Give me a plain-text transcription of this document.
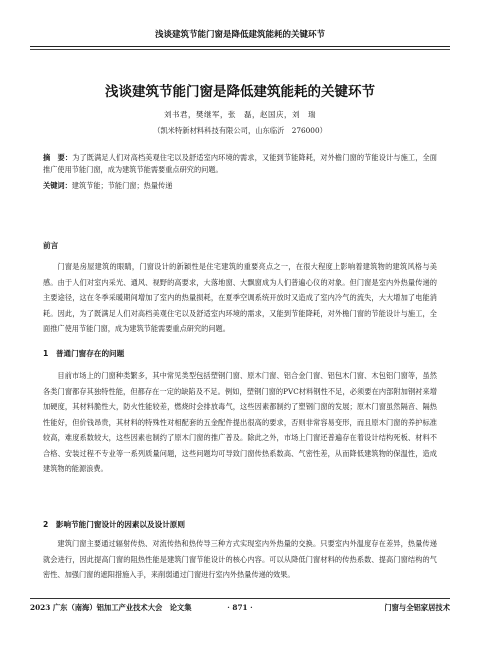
浅谈建筑节能门窗是降低建筑能耗的关键环节
浅谈建筑节能门窗是降低建筑能耗的关键环节
刘书君，樊继军，张　磊，赵国庆，刘　瑞
（凯米特新材料科技有限公司，山东临沂　276000）
摘　要：为了既满足人们对高档美观住宅以及舒适室内环境的需求，又能到节能降耗，对外檐门窗的节能设计与施工，全面推广使用节能门窗，成为建筑节能需要重点研究的问题。
关键词：建筑节能；节能门窗；热量传递
前言
门窗是房屋建筑的眼睛，门窗设计的新颖性是住宅建筑的重要亮点之一，在很大程度上影响着建筑物的建筑风格与美感。由于人们对室内采光、通风、视野的高要求，大落地窗、大飘窗成为人们普遍心仪的对象。但门窗是室内外热量传递的主要途径，这在冬季采暖期间增加了室内的热量损耗，在夏季空调系统开放时又造成了室内冷气的流失，大大增加了电能消耗。因此，为了既满足人们对高档美观住宅以及舒适室内环境的需求，又能到节能降耗，对外檐门窗的节能设计与施工，全面推广使用节能门窗，成为建筑节能需要重点研究的问题。
1　普通门窗存在的问题
目前市场上的门窗种类繁多，其中常见类型包括塑钢门窗、原木门窗、铝合金门窗、铝包木门窗、木包铝门窗等，虽然各类门窗都存其独特性能，但都存在一定的缺陷及不足。例如，塑钢门窗的PVC材料钢性不足，必须要在内部附加钢衬来增加硬度，其材料脆性大，防火性能较差，燃烧时会排放毒气，这些因素都制约了塑钢门窗的发展；原木门窗虽然隔音、隔热性能好，但价钱昂贵，其材料的特殊性对相配套的五金配件提出很高的要求，否则非常容易变形，而且原木门窗的养护标准较高，难度系数较大，这些因素也制约了原木门窗的推广普及。除此之外，市场上门窗还普遍存在着设计结构死板、材料不合格、安装过程不专业等一系列质量问题，这些问题均可导致门窗传热系数高、气密性差，从而降低建筑物的保温性，造成建筑物的能源浪费。
2　影响节能门窗设计的因素以及设计原则
建筑门窗主要通过辐射传热、对流传热和热传导三种方式实现室内外热量的交换。只要室内外温度存在差异，热量传递就会进行，因此提高门窗的阻热性能是建筑门窗节能设计的核心内容。可以从降低门窗材料的传热系数、提高门窗结构的气密性、加强门窗的遮阳措施入手，来削弱通过门窗进行室内外热量传递的效果。
2023 广东（南海）铝加工产业技术大会　论文集	· 871 ·	门窗与全铝家居技术
